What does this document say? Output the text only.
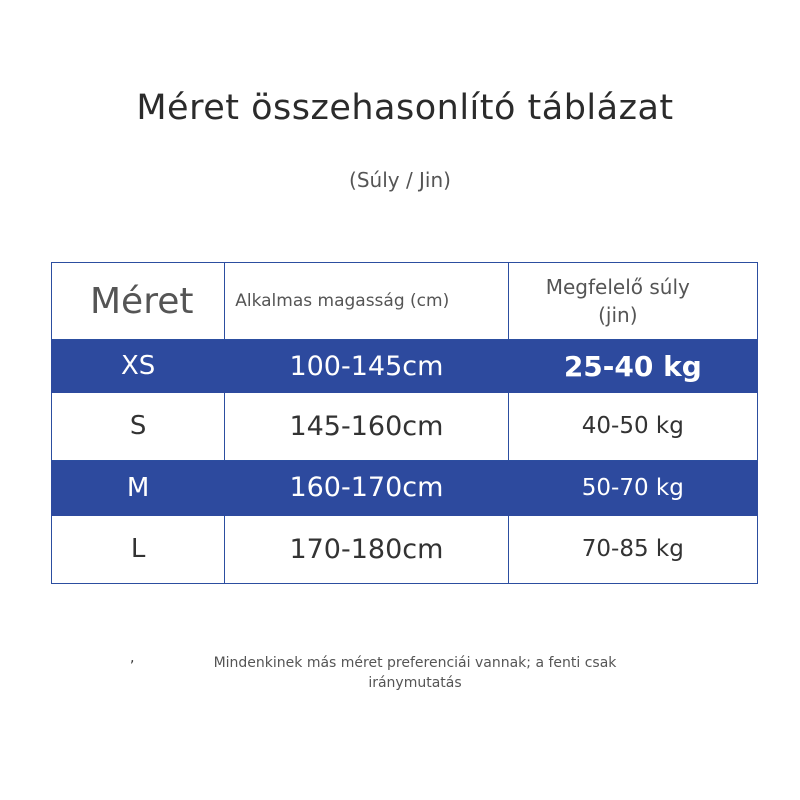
Méret összehasonlító táblázat
(Súly / Jin)
Méret	Alkalmas magasság (cm)	Megfelelő súly
(jin)

XS	100-145cm	25-40 kg
S	145-160cm	40-50 kg
M	160-170cm	50-70 kg
L	170-180cm	70-85 kg
,	Mindenkinek más méret preferenciái vannak; a fenti csak
iránymutatás
